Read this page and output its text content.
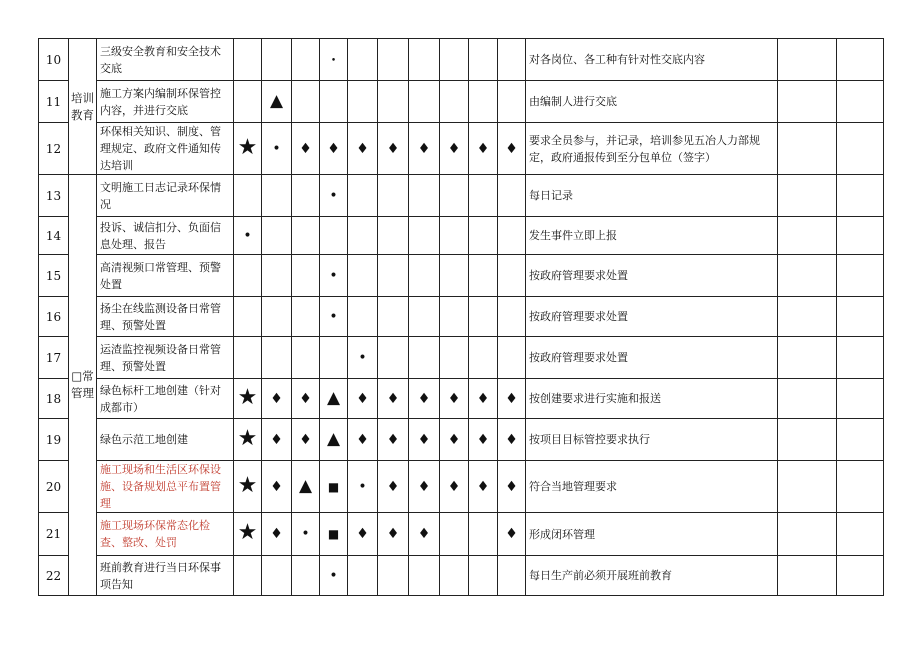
10	培训教育	三级安全教育和安全技术交底				•							对各岗位、各工种有针对性交底内容		
11		施工方案内编制环保管控内容，并进行交底		▲									由编制人进行交底		
12		环保相关知识、制度、管理规定、政府文件通知传达培训	★	•	♦	♦	♦	♦	♦	♦	♦	♦	要求全员参与，并记录，培训参见五冶人力部规定，政府通报传到至分包单位（签字）		
13	□常管理	文明施工日志记录环保情况				•							每日记录		
14		投诉、诚信扣分、负面信息处理、报告	•										发生事件立即上报		
15		高清视频口常管理、预警处置				•							按政府管理要求处置		
16		扬尘在线监测设备日常管理、预警处置				•							按政府管理要求处置		
17		运渣监控视频设备日常管理、预警处置					•						按政府管理要求处置		
18		绿色标杆工地创建（针对成都市）	★	♦	♦	▲	♦	♦	♦	♦	♦	♦	按创建要求进行实施和报送		
19		绿色示范工地创建	★	♦	♦	▲	♦	♦	♦	♦	♦	♦	按项目目标管控要求执行		
20		施工现场和生活区环保设施、设备规划总平布置管理	★	♦	▲	■	•	♦	♦	♦	♦	♦	符合当地管理要求		
21		施工现场环保常态化检查、整改、处罚	★	♦	•	■	♦	♦	♦			♦	形成闭环管理		
22		班前教育进行当日环保事项告知				•							每日生产前必须开展班前教育		
